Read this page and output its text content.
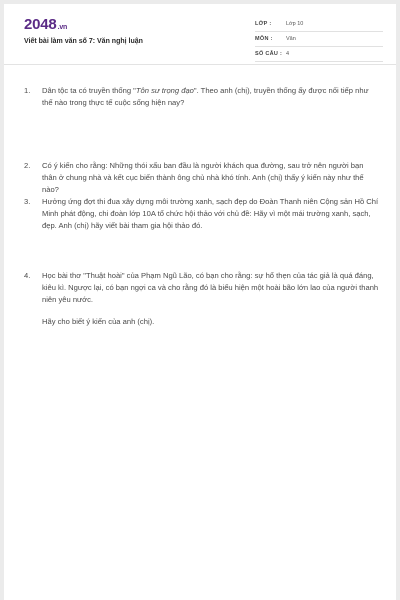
2048.vn
Viết bài làm văn số 7: Văn nghị luận
LỚP :	Lớp 10
MÔN : Văn
SỐ CÂU : 4
1.	Dân tộc ta có truyền thống "Tôn sư trọng đạo". Theo anh (chị), truyền thống ấy được nối tiếp như thế nào trong thực tế cuộc sống hiện nay?
2.	Có ý kiến cho rằng: Những thói xấu ban đầu là người khách qua đường, sau trở nên người bạn thân ở chung nhà và kết cục biến thành ông chủ nhà khó tính. Anh (chị) thấy ý kiến này như thế nào?
3.	Hưởng ứng đợt thi đua xây dựng môi trường xanh, sạch đẹp do Đoàn Thanh niên Cộng sản Hồ Chí Minh phát động, chi đoàn lớp 10A tổ chức hội thảo với chủ đề: Hãy vì một mái trường xanh, sạch, đẹp. Anh (chị) hãy viết bài tham gia hội thảo đó.
4.	Học bài thơ "Thuật hoài" của Phạm Ngũ Lão, có bạn cho rằng: sự hổ thẹn của tác giả là quá đáng, kiêu kì. Ngược lại, có bạn ngợi ca và cho rằng đó là biểu hiện một hoài bão lớn lao của người thanh niên yêu nước.

Hãy cho biết ý kiến của anh (chị).
